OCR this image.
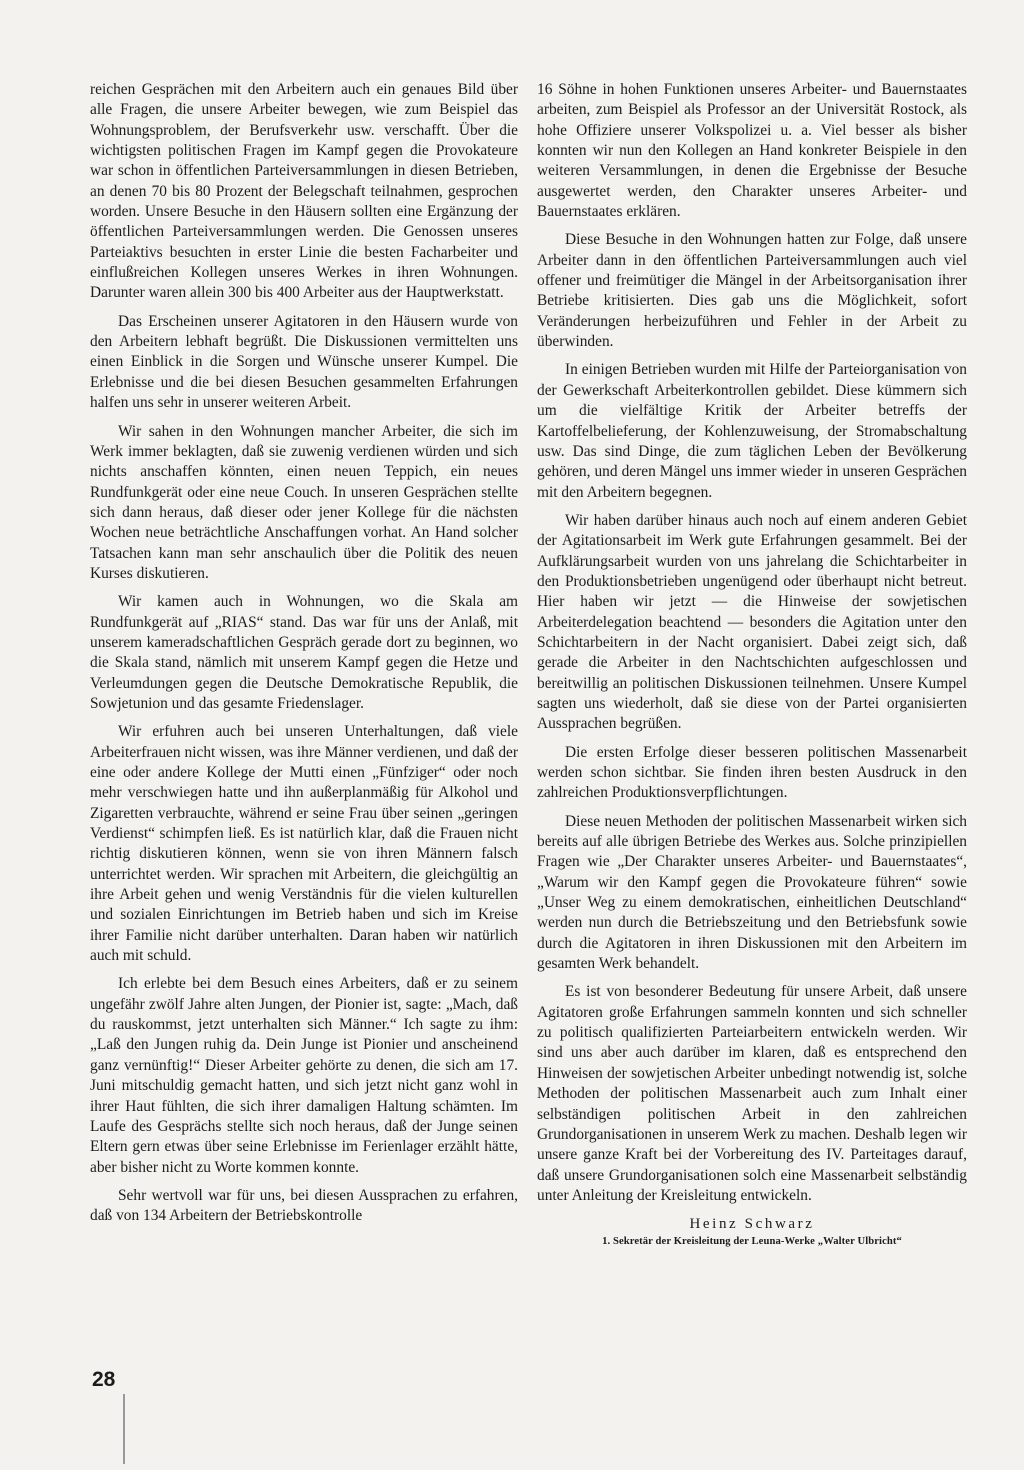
reichen Gesprächen mit den Arbeitern auch ein genaues Bild über alle Fragen, die unsere Arbeiter bewegen, wie zum Beispiel das Wohnungsproblem, der Berufsverkehr usw. verschafft. Über die wichtigsten politischen Fragen im Kampf gegen die Provokateure war schon in öffentlichen Parteiversammlungen in diesen Betrieben, an denen 70 bis 80 Prozent der Belegschaft teilnahmen, gesprochen worden. Unsere Besuche in den Häusern sollten eine Ergänzung der öffentlichen Parteiversammlungen werden. Die Genossen unseres Parteiaktivs besuchten in erster Linie die besten Facharbeiter und einflußreichen Kollegen unseres Werkes in ihren Wohnungen. Darunter waren allein 300 bis 400 Arbeiter aus der Hauptwerkstatt.

Das Erscheinen unserer Agitatoren in den Häusern wurde von den Arbeitern lebhaft begrüßt. Die Diskussionen vermittelten uns einen Einblick in die Sorgen und Wünsche unserer Kumpel. Die Erlebnisse und die bei diesen Besuchen gesammelten Erfahrungen halfen uns sehr in unserer weiteren Arbeit.

Wir sahen in den Wohnungen mancher Arbeiter, die sich im Werk immer beklagten, daß sie zuwenig verdienen würden und sich nichts anschaffen könnten, einen neuen Teppich, ein neues Rundfunkgerät oder eine neue Couch. In unseren Gesprächen stellte sich dann heraus, daß dieser oder jener Kollege für die nächsten Wochen neue beträchtliche Anschaffungen vorhat. An Hand solcher Tatsachen kann man sehr anschaulich über die Politik des neuen Kurses diskutieren.

Wir kamen auch in Wohnungen, wo die Skala am Rundfunkgerät auf „RIAS“ stand. Das war für uns der Anlaß, mit unserem kameradschaftlichen Gespräch gerade dort zu beginnen, wo die Skala stand, nämlich mit unserem Kampf gegen die Hetze und Verleumdungen gegen die Deutsche Demokratische Republik, die Sowjetunion und das gesamte Friedenslager.

Wir erfuhren auch bei unseren Unterhaltungen, daß viele Arbeiterfrauen nicht wissen, was ihre Männer verdienen, und daß der eine oder andere Kollege der Mutti einen „Fünfziger“ oder noch mehr verschwiegen hatte und ihn außerplanmäßig für Alkohol und Zigaretten verbrauchte, während er seine Frau über seinen „geringen Verdienst“ schimpfen ließ. Es ist natürlich klar, daß die Frauen nicht richtig diskutieren können, wenn sie von ihren Männern falsch unterrichtet werden. Wir sprachen mit Arbeitern, die gleichgültig an ihre Arbeit gehen und wenig Verständnis für die vielen kulturellen und sozialen Einrichtungen im Betrieb haben und sich im Kreise ihrer Familie nicht darüber unterhalten. Daran haben wir natürlich auch mit schuld.

Ich erlebte bei dem Besuch eines Arbeiters, daß er zu seinem ungefähr zwölf Jahre alten Jungen, der Pionier ist, sagte: „Mach, daß du rauskommst, jetzt unterhalten sich Männer.“ Ich sagte zu ihm: „Laß den Jungen ruhig da. Dein Junge ist Pionier und anscheinend ganz vernünftig!“ Dieser Arbeiter gehörte zu denen, die sich am 17. Juni mitschuldig gemacht hatten, und sich jetzt nicht ganz wohl in ihrer Haut fühlten, die sich ihrer damaligen Haltung schämten. Im Laufe des Gesprächs stellte sich noch heraus, daß der Junge seinen Eltern gern etwas über seine Erlebnisse im Ferienlager erzählt hätte, aber bisher nicht zu Worte kommen konnte.

Sehr wertvoll war für uns, bei diesen Aussprachen zu erfahren, daß von 134 Arbeitern der Betriebskontrolle

16 Söhne in hohen Funktionen unseres Arbeiter- und Bauernstaates arbeiten, zum Beispiel als Professor an der Universität Rostock, als hohe Offiziere unserer Volkspolizei u. a. Viel besser als bisher konnten wir nun den Kollegen an Hand konkreter Beispiele in den weiteren Versammlungen, in denen die Ergebnisse der Besuche ausgewertet werden, den Charakter unseres Arbeiter- und Bauernstaates erklären.

Diese Besuche in den Wohnungen hatten zur Folge, daß unsere Arbeiter dann in den öffentlichen Parteiversammlungen auch viel offener und freimütiger die Mängel in der Arbeitsorganisation ihrer Betriebe kritisierten. Dies gab uns die Möglichkeit, sofort Veränderungen herbeizuführen und Fehler in der Arbeit zu überwinden.

In einigen Betrieben wurden mit Hilfe der Parteiorganisation von der Gewerkschaft Arbeiterkontrollen gebildet. Diese kümmern sich um die vielfältige Kritik der Arbeiter betreffs der Kartoffelbelieferung, der Kohlenzuweisung, der Stromabschaltung usw. Das sind Dinge, die zum täglichen Leben der Bevölkerung gehören, und deren Mängel uns immer wieder in unseren Gesprächen mit den Arbeitern begegnen.

Wir haben darüber hinaus auch noch auf einem anderen Gebiet der Agitationsarbeit im Werk gute Erfahrungen gesammelt. Bei der Aufklärungsarbeit wurden von uns jahrelang die Schichtarbeiter in den Produktionsbetrieben ungenügend oder überhaupt nicht betreut. Hier haben wir jetzt — die Hinweise der sowjetischen Arbeiterdelegation beachtend — besonders die Agitation unter den Schichtarbeitern in der Nacht organisiert. Dabei zeigt sich, daß gerade die Arbeiter in den Nachtschichten aufgeschlossen und bereitwillig an politischen Diskussionen teilnehmen. Unsere Kumpel sagten uns wiederholt, daß sie diese von der Partei organisierten Aussprachen begrüßen.

Die ersten Erfolge dieser besseren politischen Massenarbeit werden schon sichtbar. Sie finden ihren besten Ausdruck in den zahlreichen Produktionsverpflichtungen.

Diese neuen Methoden der politischen Massenarbeit wirken sich bereits auf alle übrigen Betriebe des Werkes aus. Solche prinzipiellen Fragen wie „Der Charakter unseres Arbeiter- und Bauernstaates“, „Warum wir den Kampf gegen die Provokateure führen“ sowie „Unser Weg zu einem demokratischen, einheitlichen Deutschland“ werden nun durch die Betriebszeitung und den Betriebsfunk sowie durch die Agitatoren in ihren Diskussionen mit den Arbeitern im gesamten Werk behandelt.

Es ist von besonderer Bedeutung für unsere Arbeit, daß unsere Agitatoren große Erfahrungen sammeln konnten und sich schneller zu politisch qualifizierten Parteiarbeitern entwickeln werden. Wir sind uns aber auch darüber im klaren, daß es entsprechend den Hinweisen der sowjetischen Arbeiter unbedingt notwendig ist, solche Methoden der politischen Massenarbeit auch zum Inhalt einer selbständigen politischen Arbeit in den zahlreichen Grundorganisationen in unserem Werk zu machen. Deshalb legen wir unsere ganze Kraft bei der Vorbereitung des IV. Parteitages darauf, daß unsere Grundorganisationen solch eine Massenarbeit selbständig unter Anleitung der Kreisleitung entwickeln.

Heinz Schwarz
1. Sekretär der Kreisleitung der Leuna-Werke „Walter Ulbricht“
28
